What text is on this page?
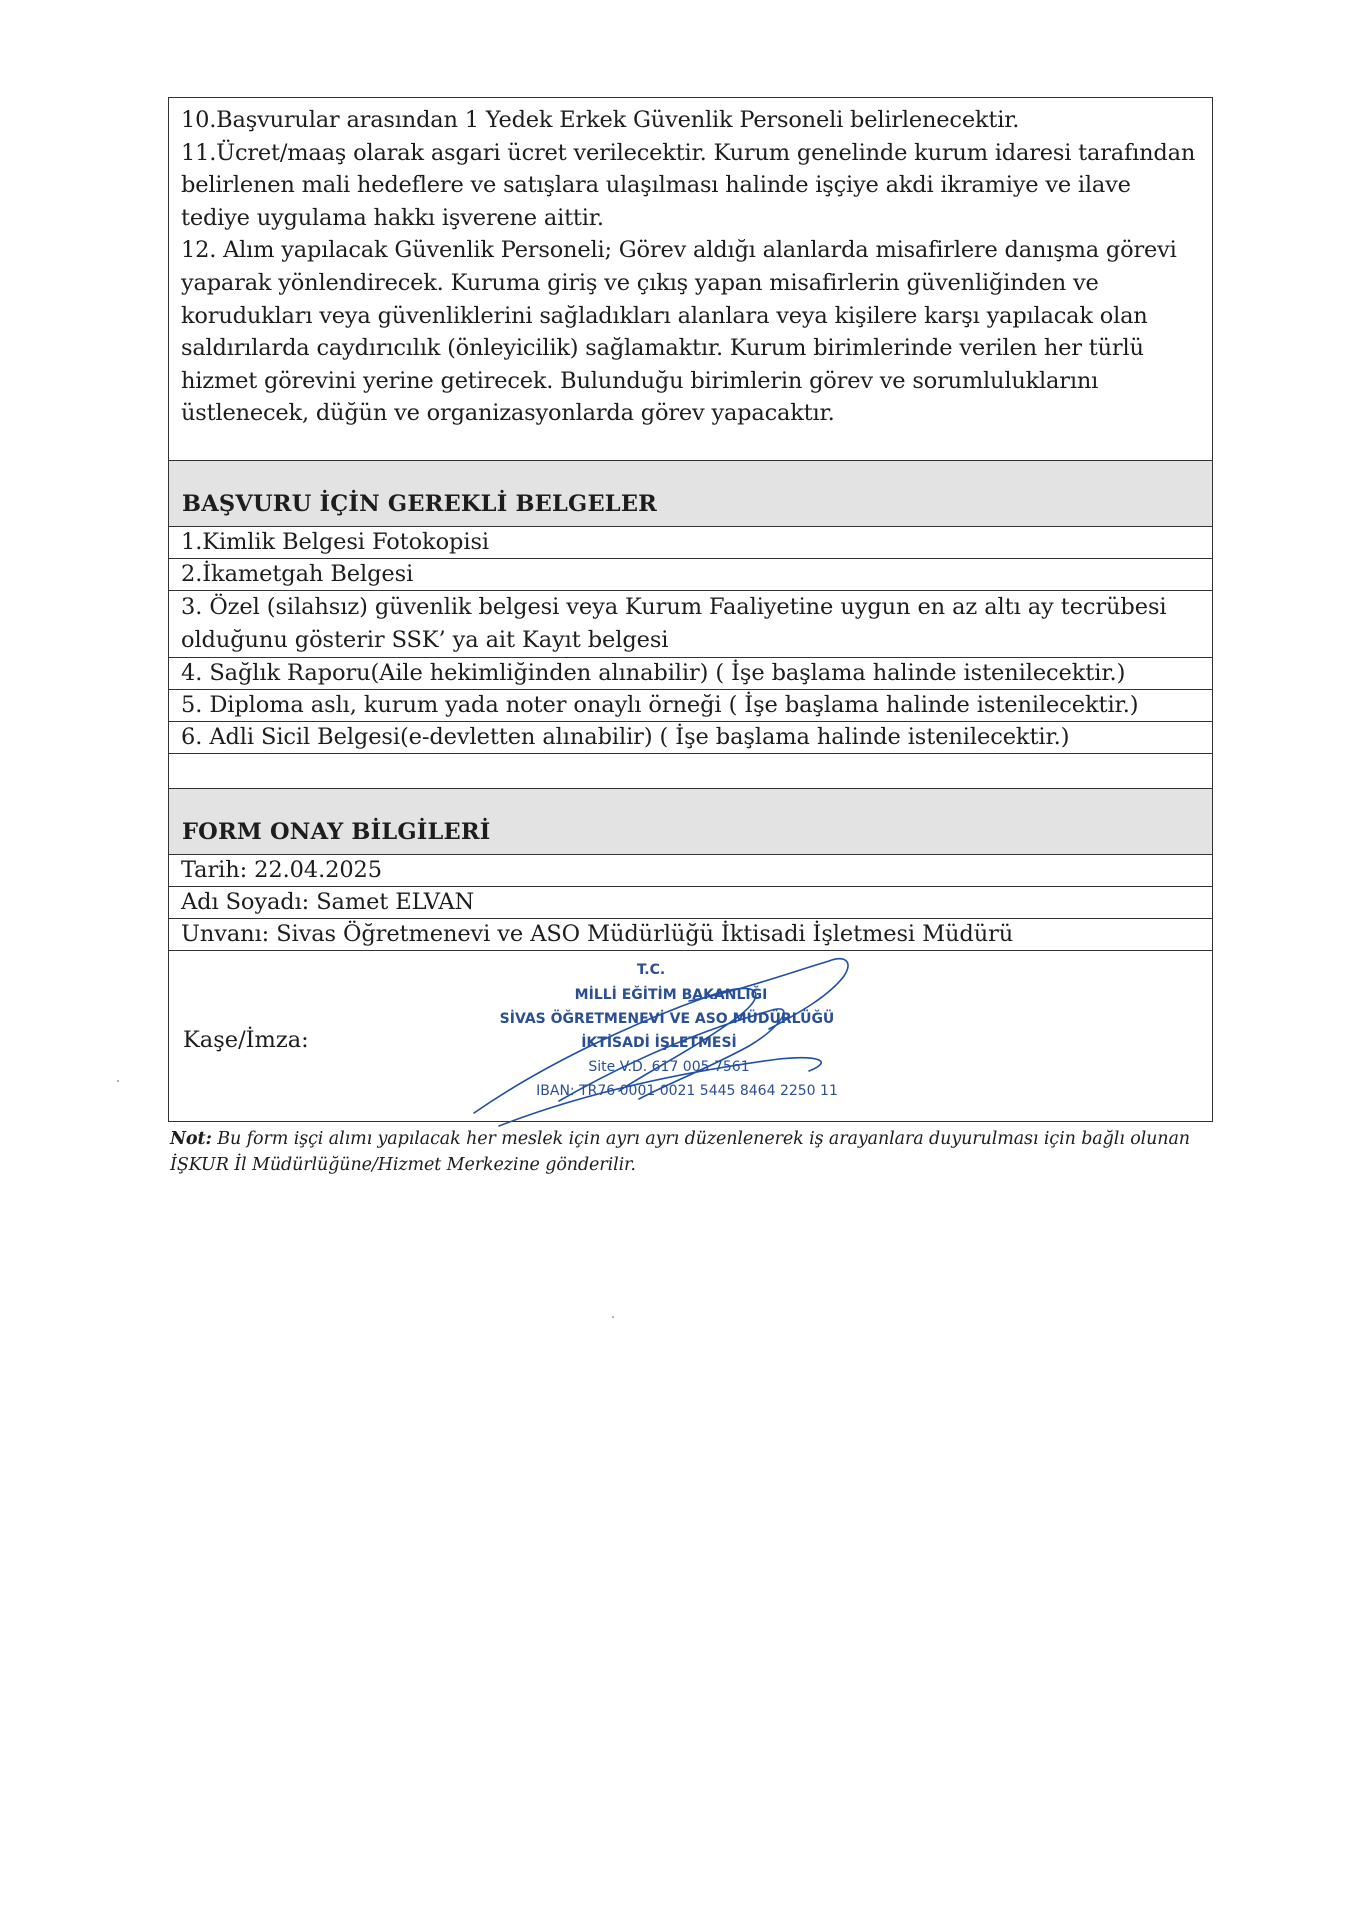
10.Başvurular arasından 1 Yedek Erkek Güvenlik Personeli belirlenecektir.

11.Ücret/maaş olarak asgari ücret verilecektir. Kurum genelinde kurum idaresi tarafından belirlenen mali hedeflere ve satışlara ulaşılması halinde işçiye akdi ikramiye ve ilave tediye uygulama hakkı işverene aittir.

12. Alım yapılacak Güvenlik Personeli; Görev aldığı alanlarda misafirlere danışma görevi yaparak yönlendirecek. Kuruma giriş ve çıkış yapan misafirlerin güvenliğinden ve korudukları veya güvenliklerini sağladıkları alanlara veya kişilere karşı yapılacak olan saldırılarda caydırıcılık (önleyicilik) sağlamaktır. Kurum birimlerinde verilen her türlü hizmet görevini yerine getirecek. Bulunduğu birimlerin görev ve sorumluluklarını üstlenecek, düğün ve organizasyonlarda görev yapacaktır.

BAŞVURU İÇİN GEREKLİ BELGELER
1.Kimlik Belgesi Fotokopisi
2.İkametgah Belgesi
3. Özel (silahsız) güvenlik belgesi veya Kurum Faaliyetine uygun en az altı ay tecrübesi olduğunu gösterir SSK’ ya ait Kayıt belgesi
4. Sağlık Raporu(Aile hekimliğinden alınabilir) ( İşe başlama halinde istenilecektir.)
5. Diploma aslı, kurum yada noter onaylı örneği ( İşe başlama halinde istenilecektir.)
6. Adli Sicil Belgesi(e-devletten alınabilir) ( İşe başlama halinde istenilecektir.)
FORM ONAY BİLGİLERİ
Tarih: 22.04.2025
Adı Soyadı: Samet ELVAN
Unvanı: Sivas Öğretmenevi ve ASO Müdürlüğü İktisadi İşletmesi Müdürü
Kaşe/İmza:
T.C.
MİLLİ EĞİTİM BAKANLIĞI
SİVAS ÖĞRETMENEVİ VE ASO MÜDÜRLÜĞÜ
İKTİSADİ İŞLETMESİ
Site V.D. 617 005 7561
IBAN: TR76 0001 0021 5445 8464 2250 11
Not: Bu form işçi alımı yapılacak her meslek için ayrı ayrı düzenlenerek iş arayanlara duyurulması için bağlı olunan İŞKUR İl Müdürlüğüne/Hizmet Merkezine gönderilir.
